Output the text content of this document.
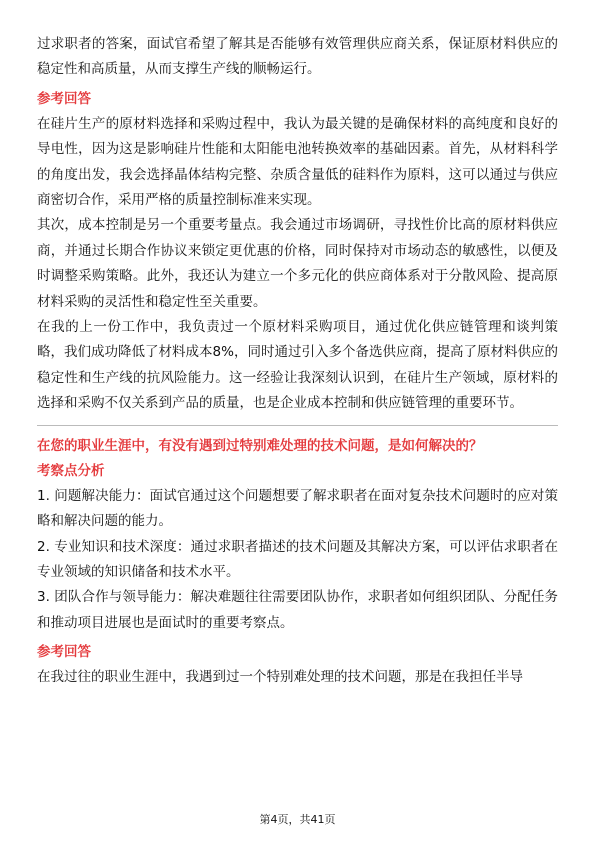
过求职者的答案，面试官希望了解其是否能够有效管理供应商关系，保证原材料供应的稳定性和高质量，从而支撑生产线的顺畅运行。

参考回答

在硅片生产的原材料选择和采购过程中，我认为最关键的是确保材料的高纯度和良好的导电性，因为这是影响硅片性能和太阳能电池转换效率的基础因素。首先，从材料科学的角度出发，我会选择晶体结构完整、杂质含量低的硅料作为原料，这可以通过与供应商密切合作，采用严格的质量控制标准来实现。

其次，成本控制是另一个重要考量点。我会通过市场调研，寻找性价比高的原材料供应商，并通过长期合作协议来锁定更优惠的价格，同时保持对市场动态的敏感性，以便及时调整采购策略。此外，我还认为建立一个多元化的供应商体系对于分散风险、提高原材料采购的灵活性和稳定性至关重要。

在我的上一份工作中，我负责过一个原材料采购项目，通过优化供应链管理和谈判策略，我们成功降低了材料成本8%，同时通过引入多个备选供应商，提高了原材料供应的稳定性和生产线的抗风险能力。这一经验让我深刻认识到，在硅片生产领域，原材料的选择和采购不仅关系到产品的质量，也是企业成本控制和供应链管理的重要环节。

在您的职业生涯中，有没有遇到过特别难处理的技术问题，是如何解决的？

考察点分析

1. 问题解决能力：面试官通过这个问题想要了解求职者在面对复杂技术问题时的应对策略和解决问题的能力。

2. 专业知识和技术深度：通过求职者描述的技术问题及其解决方案，可以评估求职者在专业领域的知识储备和技术水平。

3. 团队合作与领导能力：解决难题往往需要团队协作，求职者如何组织团队、分配任务和推动项目进展也是面试时的重要考察点。

参考回答

在我过往的职业生涯中，我遇到过一个特别难处理的技术问题，那是在我担任半导

第4页，共41页
